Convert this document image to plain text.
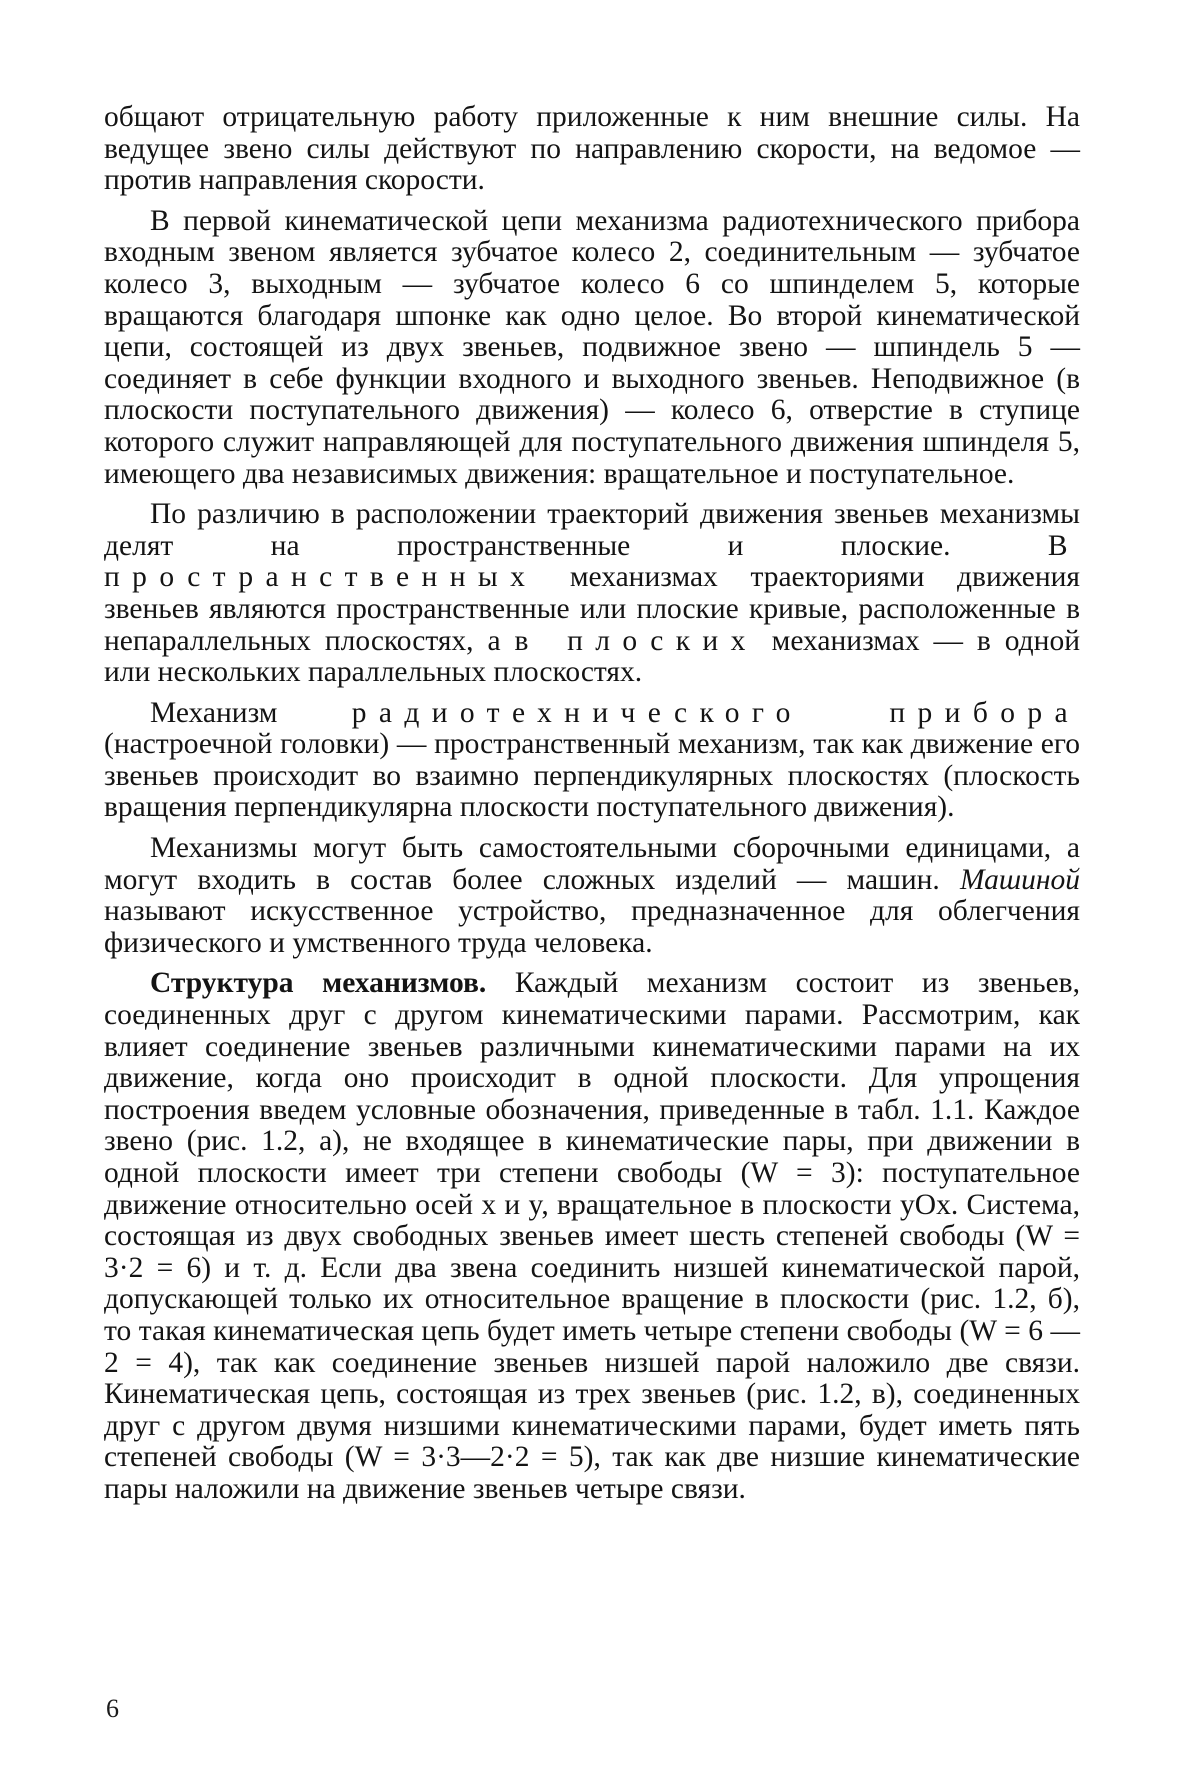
общают отрицательную работу приложенные к ним внешние силы. На ведущее звено силы действуют по направлению скорости, на ведомое — против направления скорости.

В первой кинематической цепи механизма радиотехнического прибора входным звеном является зубчатое колесо 2, соединительным — зубчатое колесо 3, выходным — зубчатое колесо 6 со шпинделем 5, которые вращаются благодаря шпонке как одно целое. Во второй кинематической цепи, состоящей из двух звеньев, подвижное звено — шпиндель 5 — соединяет в себе функции входного и выходного звеньев. Неподвижное (в плоскости поступательного движения) — колесо 6, отверстие в ступице которого служит направляющей для поступательного движения шпинделя 5, имеющего два независимых движения: вращательное и поступательное.

По различию в расположении траекторий движения звеньев механизмы делят на пространственные и плоские. В пространственных механизмах траекториями движения звеньев являются пространственные или плоские кривые, расположенные в непараллельных плоскостях, а в плоских механизмах — в одной или нескольких параллельных плоскостях.

Механизм радиотехнического прибора (настроечной головки) — пространственный механизм, так как движение его звеньев происходит во взаимно перпендикулярных плоскостях (плоскость вращения перпендикулярна плоскости поступательного движения).

Механизмы могут быть самостоятельными сборочными единицами, а могут входить в состав более сложных изделий — машин. Машиной называют искусственное устройство, предназначенное для облегчения физического и умственного труда человека.

Структура механизмов. Каждый механизм состоит из звеньев, соединенных друг с другом кинематическими парами. Рассмотрим, как влияет соединение звеньев различными кинематическими парами на их движение, когда оно происходит в одной плоскости. Для упрощения построения введем условные обозначения, приведенные в табл. 1.1. Каждое звено (рис. 1.2, а), не входящее в кинематические пары, при движении в одной плоскости имеет три степени свободы (W = 3): поступательное движение относительно осей x и y, вращательное в плоскости yOx. Система, состоящая из двух свободных звеньев имеет шесть степеней свободы (W = 3·2 = 6) и т. д. Если два звена соединить низшей кинематической парой, допускающей только их относительное вращение в плоскости (рис. 1.2, б), то такая кинематическая цепь будет иметь четыре степени свободы (W = 6 — 2 = 4), так как соединение звеньев низшей парой наложило две связи. Кинематическая цепь, состоящая из трех звеньев (рис. 1.2, в), соединенных друг с другом двумя низшими кинематическими парами, будет иметь пять степеней свободы (W = 3·3—2·2 = 5), так как две низшие кинематические пары наложили на движение звеньев четыре связи.

6
